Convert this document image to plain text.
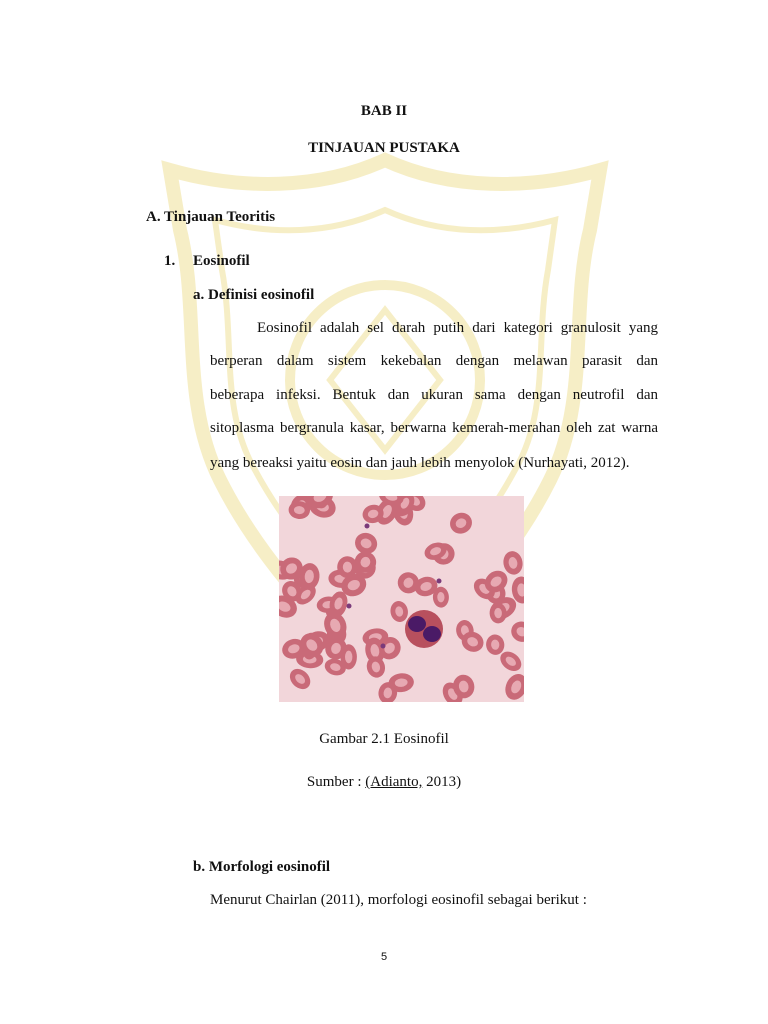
BAB II
TINJAUAN PUSTAKA
A. Tinjauan Teoritis
1. Eosinofil
a. Definisi eosinofil
Eosinofil adalah sel darah putih dari kategori granulosit yang
berperan dalam sistem kekebalan dengan melawan parasit dan
beberapa infeksi. Bentuk dan ukuran sama dengan neutrofil dan
sitoplasma bergranula kasar, berwarna kemerah-merahan oleh zat warna
yang bereaksi yaitu eosin dan jauh lebih menyolok (Nurhayati, 2012).
Gambar 2.1 Eosinofil
Sumber : (Adianto, 2013)
b. Morfologi eosinofil
Menurut Chairlan (2011), morfologi eosinofil sebagai berikut :
5
